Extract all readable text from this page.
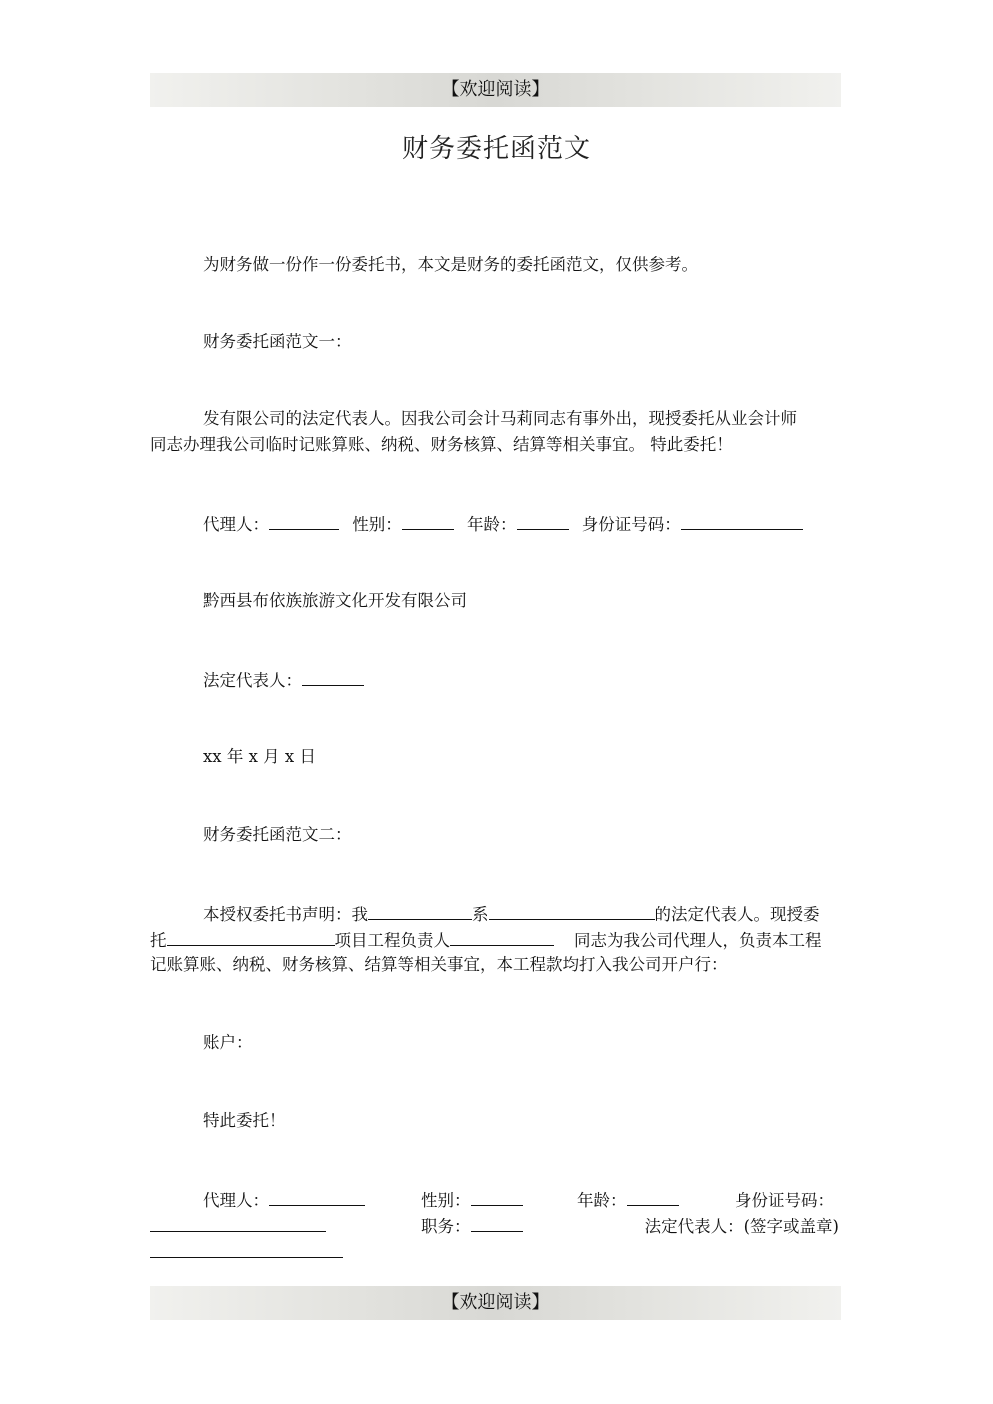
【欢迎阅读】
财务委托函范文
为财务做一份作一份委托书，本文是财务的委托函范文，仅供参考。
财务委托函范文一：
发有限公司的法定代表人。因我公司会计马莉同志有事外出，现授委托从业会计师
同志办理我公司临时记账算账、纳税、财务核算、结算等相关事宜。 特此委托！
代理人：	性别：	年龄：	身份证号码：
黔西县布依族旅游文化开发有限公司
法定代表人：
xx 年 x 月 x 日
财务委托函范文二：
本授权委托书声明：我	系	的法定代表人。现授委
托	项目工程负责人	同志为我公司代理人，负责本工程
记账算账、纳税、财务核算、结算等相关事宜，本工程款均打入我公司开户行：
账户：
特此委托！
代理人：	性别：	年龄：	身份证号码：
职务：	法定代表人：(签字或盖章)
【欢迎阅读】
